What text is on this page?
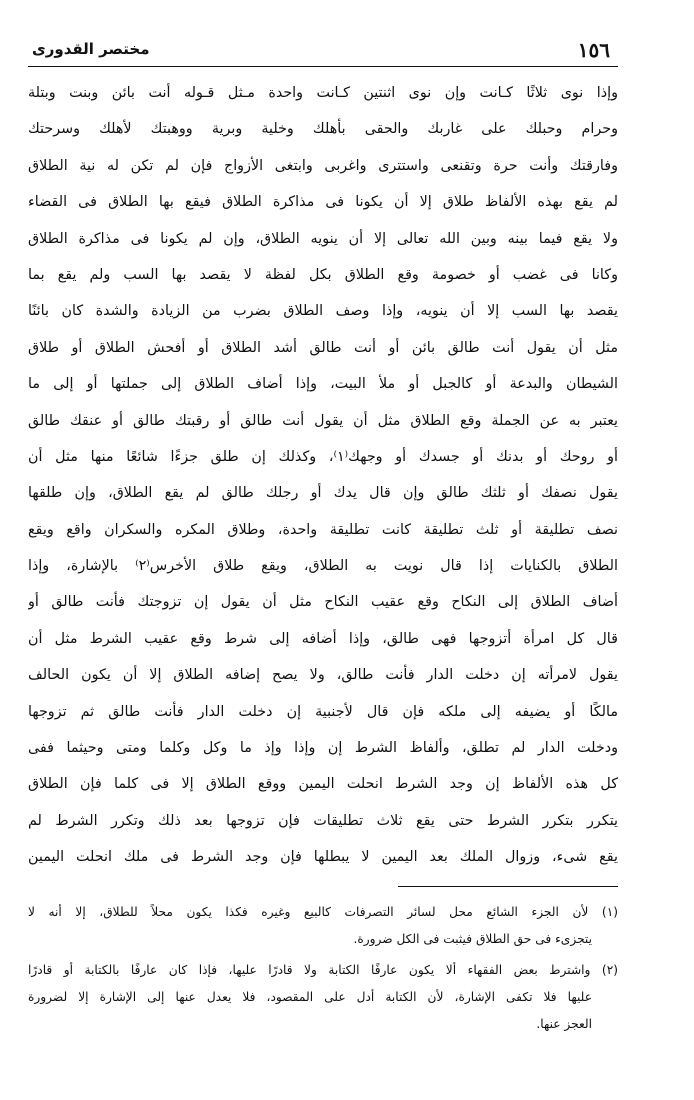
١٥٦
مختصر القدورى
وإذا نوى ثلاثًا كـانت وإن نوى اثنتين كـانت واحدة مـثل قـوله أنت بائن وبنت وبتلة
وحرام وحبلك على غاربك والحقى بأهلك وخلية وبرية ووهبتك لأهلك وسرحتك
وفارقتك وأنت حرة وتقنعى واستترى واغربى وابتغى الأزواج فإن لم تكن له نية الطلاق
لم يقع بهذه الألفاظ طلاق إلا أن يكونا فى مذاكرة الطلاق فيقع بها الطلاق فى القضاء
ولا يقع فيما بينه وبين الله تعالى إلا أن ينويه الطلاق، وإن لم يكونا فى مذاكرة الطلاق
وكانا فى غضب أو خصومة وقع الطلاق بكل لفظة لا يقصد بها السب ولم يقع بما
يقصد بها السب إلا أن ينويه، وإذا وصف الطلاق بضرب من الزيادة والشدة كان بائنًا
مثل أن يقول أنت طالق بائن أو أنت طالق أشد الطلاق أو أفحش الطلاق أو طلاق
الشيطان والبدعة أو كالجبل أو ملأ البيت، وإذا أضاف الطلاق إلى جملتها أو إلى ما
يعتبر به عن الجملة وقع الطلاق مثل أن يقول أنت طالق أو رقبتك طالق أو عنقك طالق
أو روحك أو بدنك أو جسدك أو وجهك⁽١⁾، وكذلك إن طلق جزءًا شائعًا منها مثل أن
يقول نصفك أو ثلثك طالق وإن قال يدك أو رجلك طالق لم يقع الطلاق، وإن طلقها
نصف تطليقة أو ثلث تطليقة كانت تطليقة واحدة، وطلاق المكره والسكران واقع ويقع
الطلاق بالكنايات إذا قال نويت به الطلاق، ويقع طلاق الأخرس⁽٢⁾ بالإشارة، وإذا
أضاف الطلاق إلى النكاح وقع عقيب النكاح مثل أن يقول إن تزوجتك فأنت طالق أو
قال كل امرأة أتزوجها فهى طالق، وإذا أضافه إلى شرط وقع عقيب الشرط مثل أن
يقول لامرأته إن دخلت الدار فأنت طالق، ولا يصح إضافه الطلاق إلا أن يكون الحالف
مالكًا أو يضيفه إلى ملكه فإن قال لأجنبية إن دخلت الدار فأنت طالق ثم تزوجها
ودخلت الدار لم تطلق، وألفاظ الشرط إن وإذا وإذ ما وكل وكلما ومتى وحيثما ففى
كل هذه الألفاظ إن وجد الشرط انحلت اليمين ووقع الطلاق إلا فى كلما فإن الطلاق
يتكرر بتكرر الشرط حتى يقع ثلاث تطليقات فإن تزوجها بعد ذلك وتكرر الشرط لم
يقع شىء، وزوال الملك بعد اليمين لا يبطلها فإن وجد الشرط فى ملك انحلت اليمين
(١) لأن الجزء الشائع محل لسائر التصرفات كالبيع وغيره فكذا يكون محلاً للطلاق، إلا أنه لا
يتجزىء فى حق الطلاق فيثبت فى الكل ضرورة.
(٢) واشترط بعض الفقهاء ألا يكون عارفًا الكتابة ولا قادرًا عليها، فإذا كان عارفًا بالكتابة أو قادرًا
عليها فلا تكفى الإشارة، لأن الكتابة أدل على المقصود، فلا يعدل عنها إلى الإشارة إلا لضرورة
العجز عنها.
